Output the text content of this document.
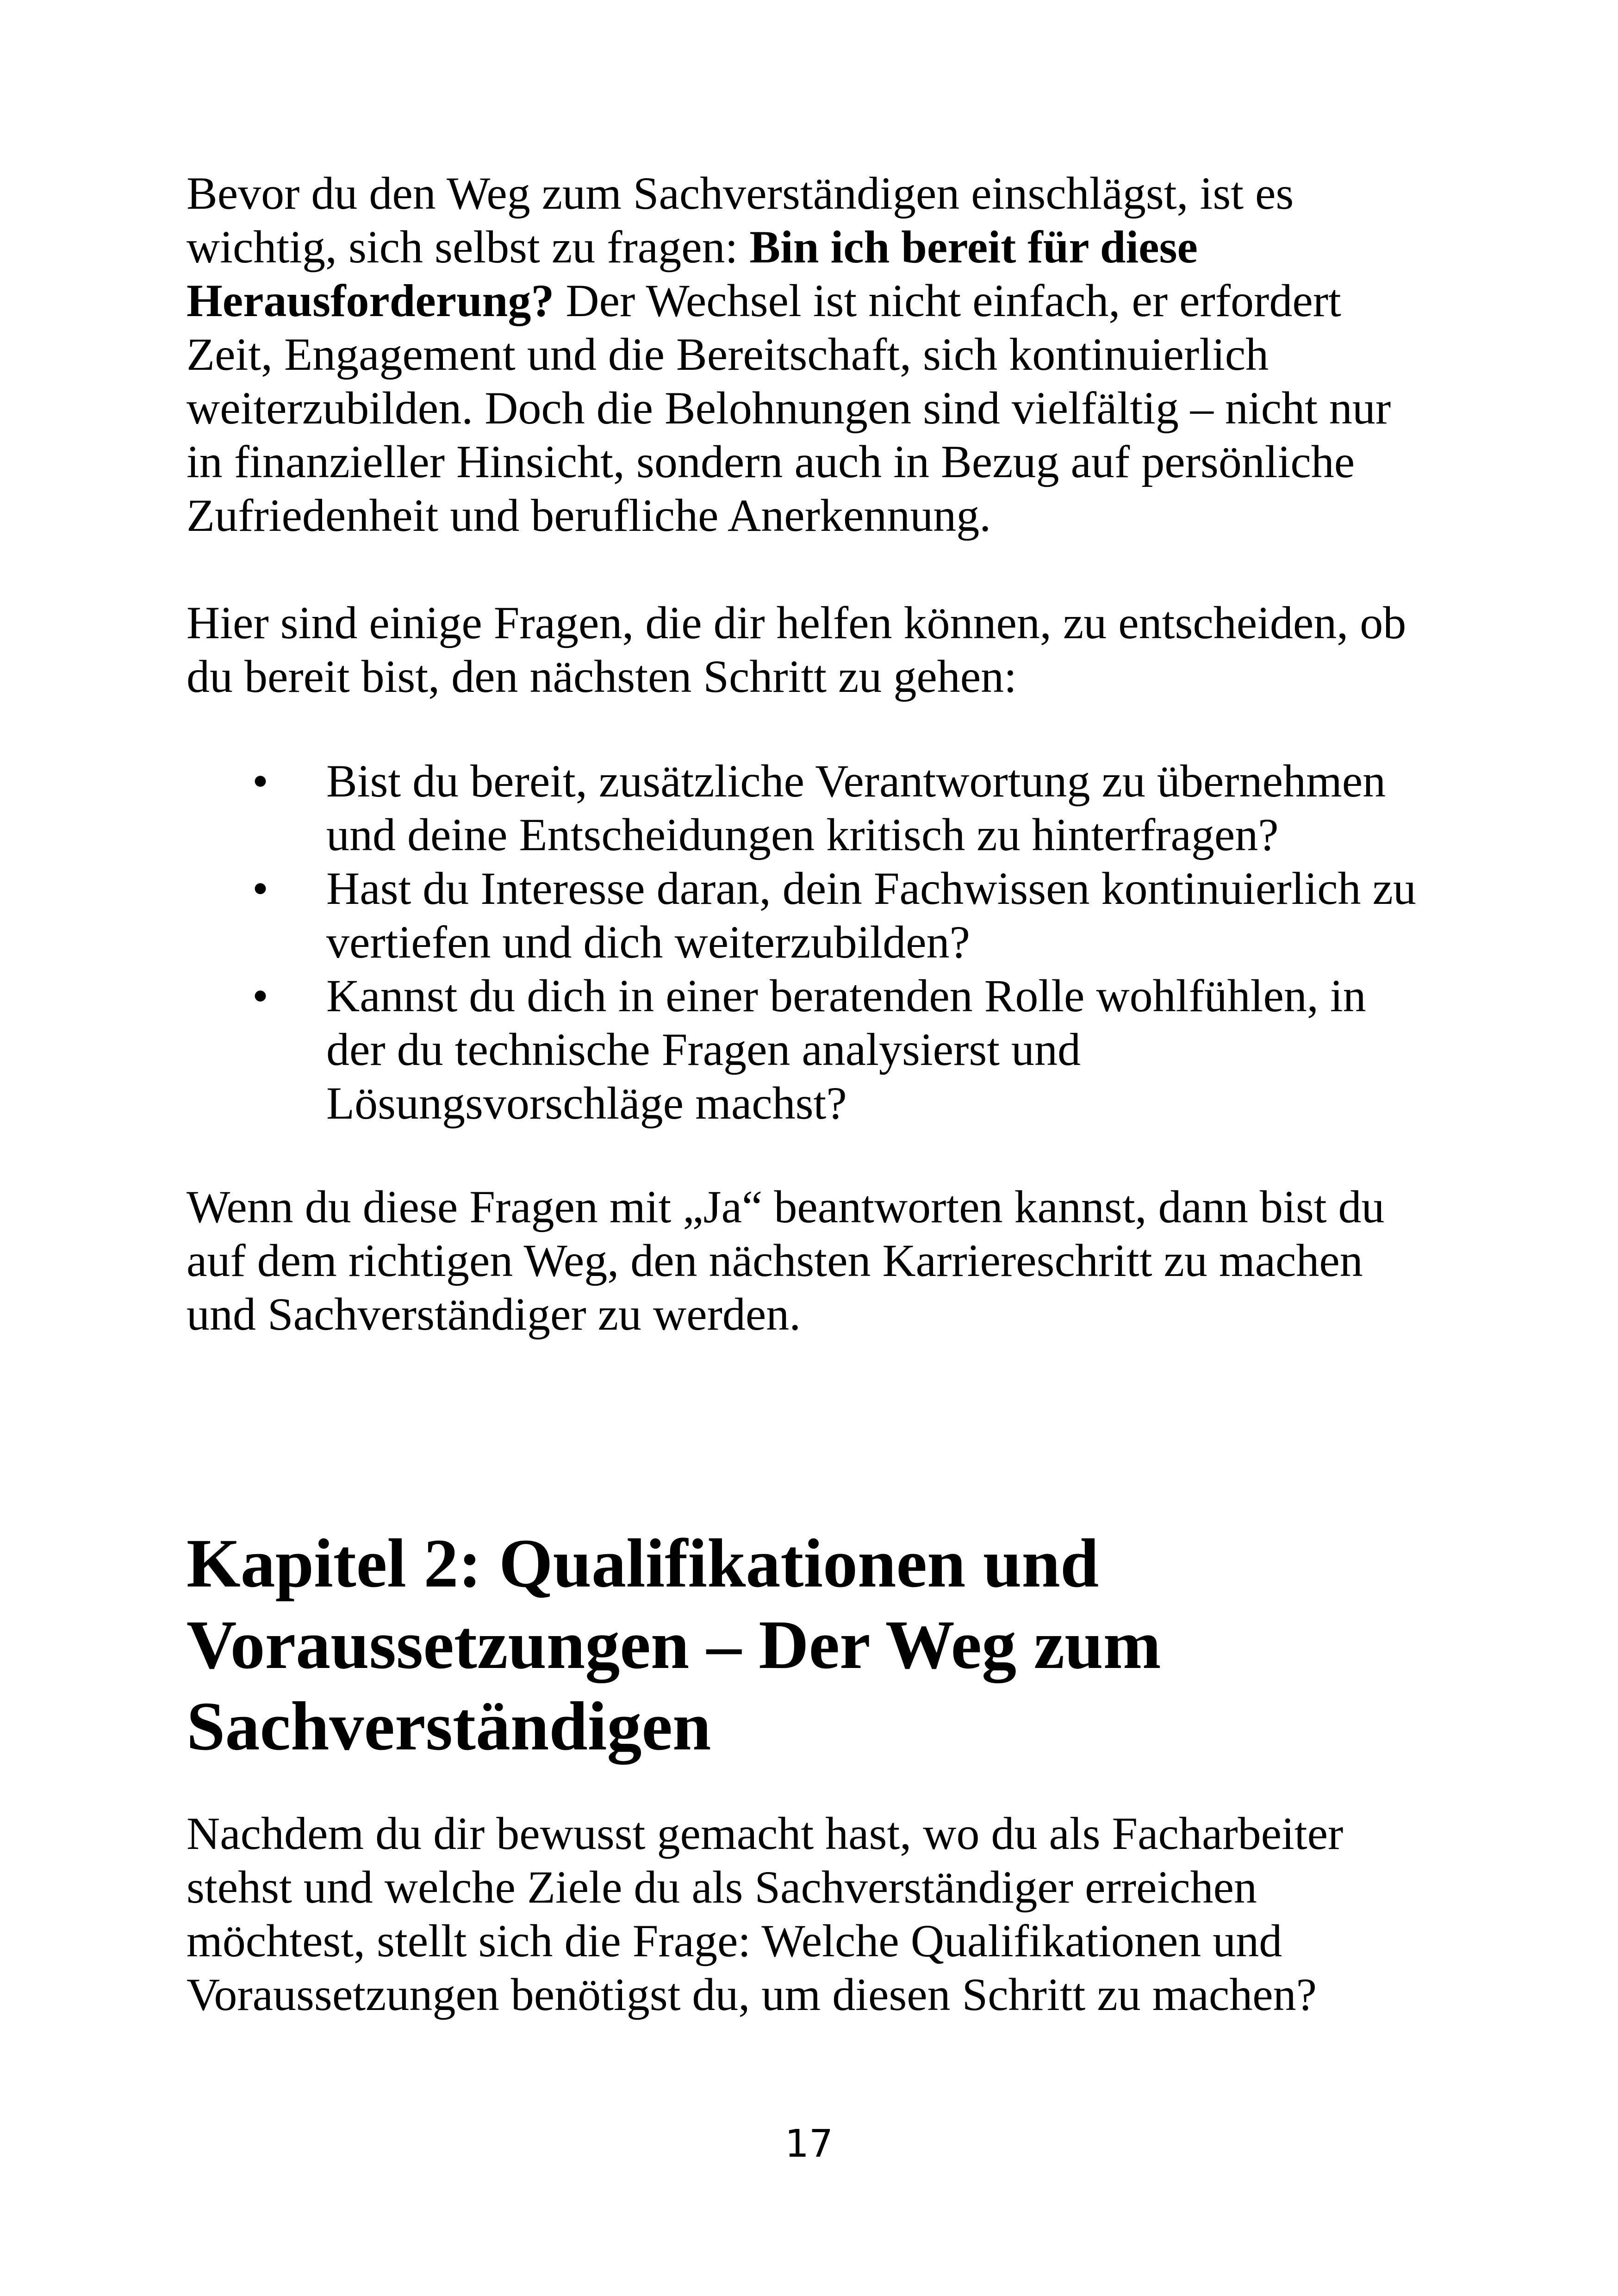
Bevor du den Weg zum Sachverständigen einschlägst, ist es wichtig, sich selbst zu fragen: Bin ich bereit für diese Herausforderung? Der Wechsel ist nicht einfach, er erfordert Zeit, Engagement und die Bereitschaft, sich kontinuierlich weiterzubilden. Doch die Belohnungen sind vielfältig – nicht nur in finanzieller Hinsicht, sondern auch in Bezug auf persönliche Zufriedenheit und berufliche Anerkennung.

Hier sind einige Fragen, die dir helfen können, zu entscheiden, ob du bereit bist, den nächsten Schritt zu gehen:

• Bist du bereit, zusätzliche Verantwortung zu übernehmen und deine Entscheidungen kritisch zu hinterfragen?
• Hast du Interesse daran, dein Fachwissen kontinuierlich zu vertiefen und dich weiterzubilden?
• Kannst du dich in einer beratenden Rolle wohlfühlen, in der du technische Fragen analysierst und Lösungsvorschläge machst?

Wenn du diese Fragen mit „Ja“ beantworten kannst, dann bist du auf dem richtigen Weg, den nächsten Karriereschritt zu machen und Sachverständiger zu werden.

Kapitel 2: Qualifikationen und
Voraussetzungen – Der Weg zum
Sachverständigen

Nachdem du dir bewusst gemacht hast, wo du als Facharbeiter stehst und welche Ziele du als Sachverständiger erreichen möchtest, stellt sich die Frage: Welche Qualifikationen und Voraussetzungen benötigst du, um diesen Schritt zu machen?

17
